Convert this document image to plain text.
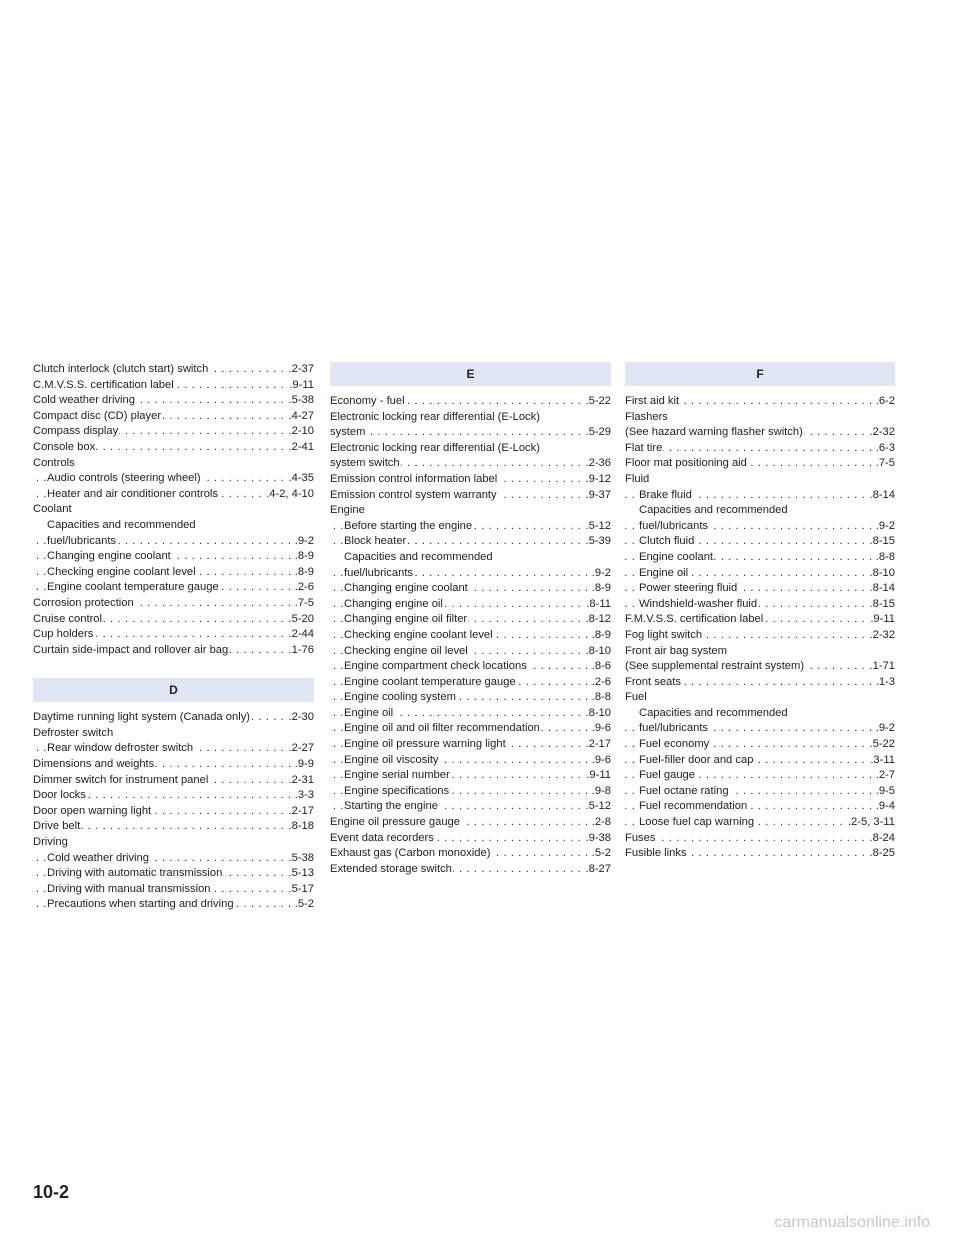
. . . Clutch interlock (clutch start) switch	.2-37
. . . C.M.V.S.S. certification label	.9-11
. . . Cold weather driving	.5-38
. . . Compact disc (CD) player	.4-27
. . . Compass display	.2-10
. . . Console box	.2-41
Controls
. . . Audio controls (steering wheel)	.4-35
. . . Heater and air conditioner controls	.4-2, 4-10
Coolant
Capacities and recommended
. . . fuel/lubricants	.9-2
. . . Changing engine coolant	.8-9
. . . Checking engine coolant level	.8-9
. . . Engine coolant temperature gauge	.2-6
. . . Corrosion protection	.7-5
. . . Cruise control	.5-20
. . . Cup holders	.2-44
. . . Curtain side-impact and rollover air bag	.1-76
D
. . . Daytime running light system (Canada only)	.2-30
Defroster switch
. . . Rear window defroster switch	.2-27
. . . Dimensions and weights	.9-9
. . . Dimmer switch for instrument panel	.2-31
. . . Door locks	.3-3
. . . Door open warning light	.2-17
. . . Drive belt	.8-18
Driving
. . . Cold weather driving	.5-38
. . . Driving with automatic transmission	.5-13
. . . Driving with manual transmission	.5-17
. . . Precautions when starting and driving	.5-2
E
. . . Economy - fuel	.5-22
Electronic locking rear differential (E-Lock)
. . . system	.5-29
Electronic locking rear differential (E-Lock)
. . . system switch	.2-36
. . . Emission control information label	.9-12
. . . Emission control system warranty	.9-37
Engine
. . . Before starting the engine	.5-12
. . . Block heater	.5-39
Capacities and recommended
. . . fuel/lubricants	.9-2
. . . Changing engine coolant	.8-9
. . . Changing engine oil	.8-11
. . . Changing engine oil filter	.8-12
. . . Checking engine coolant level	.8-9
. . . Checking engine oil level	.8-10
. . . Engine compartment check locations	.8-6
. . . Engine coolant temperature gauge	.2-6
. . . Engine cooling system	.8-8
. . . Engine oil	.8-10
. . . Engine oil and oil filter recommendation	.9-6
. . . Engine oil pressure warning light	.2-17
. . . Engine oil viscosity	.9-6
. . . Engine serial number	.9-11
. . . Engine specifications	.9-8
. . . Starting the engine	.5-12
. . . Engine oil pressure gauge	.2-8
. . . Event data recorders	.9-38
. . . Exhaust gas (Carbon monoxide)	.5-2
. . . Extended storage switch	.8-27
F
. . . First aid kit	.6-2
Flashers
. . . (See hazard warning flasher switch)	.2-32
. . . Flat tire	.6-3
. . . Floor mat positioning aid	.7-5
Fluid
. . . Brake fluid	.8-14
Capacities and recommended
. . . fuel/lubricants	.9-2
. . . Clutch fluid	.8-15
. . . Engine coolant	.8-8
. . . Engine oil	.8-10
. . . Power steering fluid	.8-14
. . . Windshield-washer fluid	.8-15
. . . F.M.V.S.S. certification label	.9-11
. . . Fog light switch	.2-32
Front air bag system
. . . (See supplemental restraint system)	.1-71
. . . Front seats	.1-3
Fuel
Capacities and recommended
. . . fuel/lubricants	.9-2
. . . Fuel economy	.5-22
. . . Fuel-filler door and cap	.3-11
. . . Fuel gauge	.2-7
. . . Fuel octane rating	.9-5
. . . Fuel recommendation	.9-4
. . . Loose fuel cap warning	.2-5, 3-11
. . . Fuses	.8-24
. . . Fusible links	.8-25
10-2
carmanualsonline.info
